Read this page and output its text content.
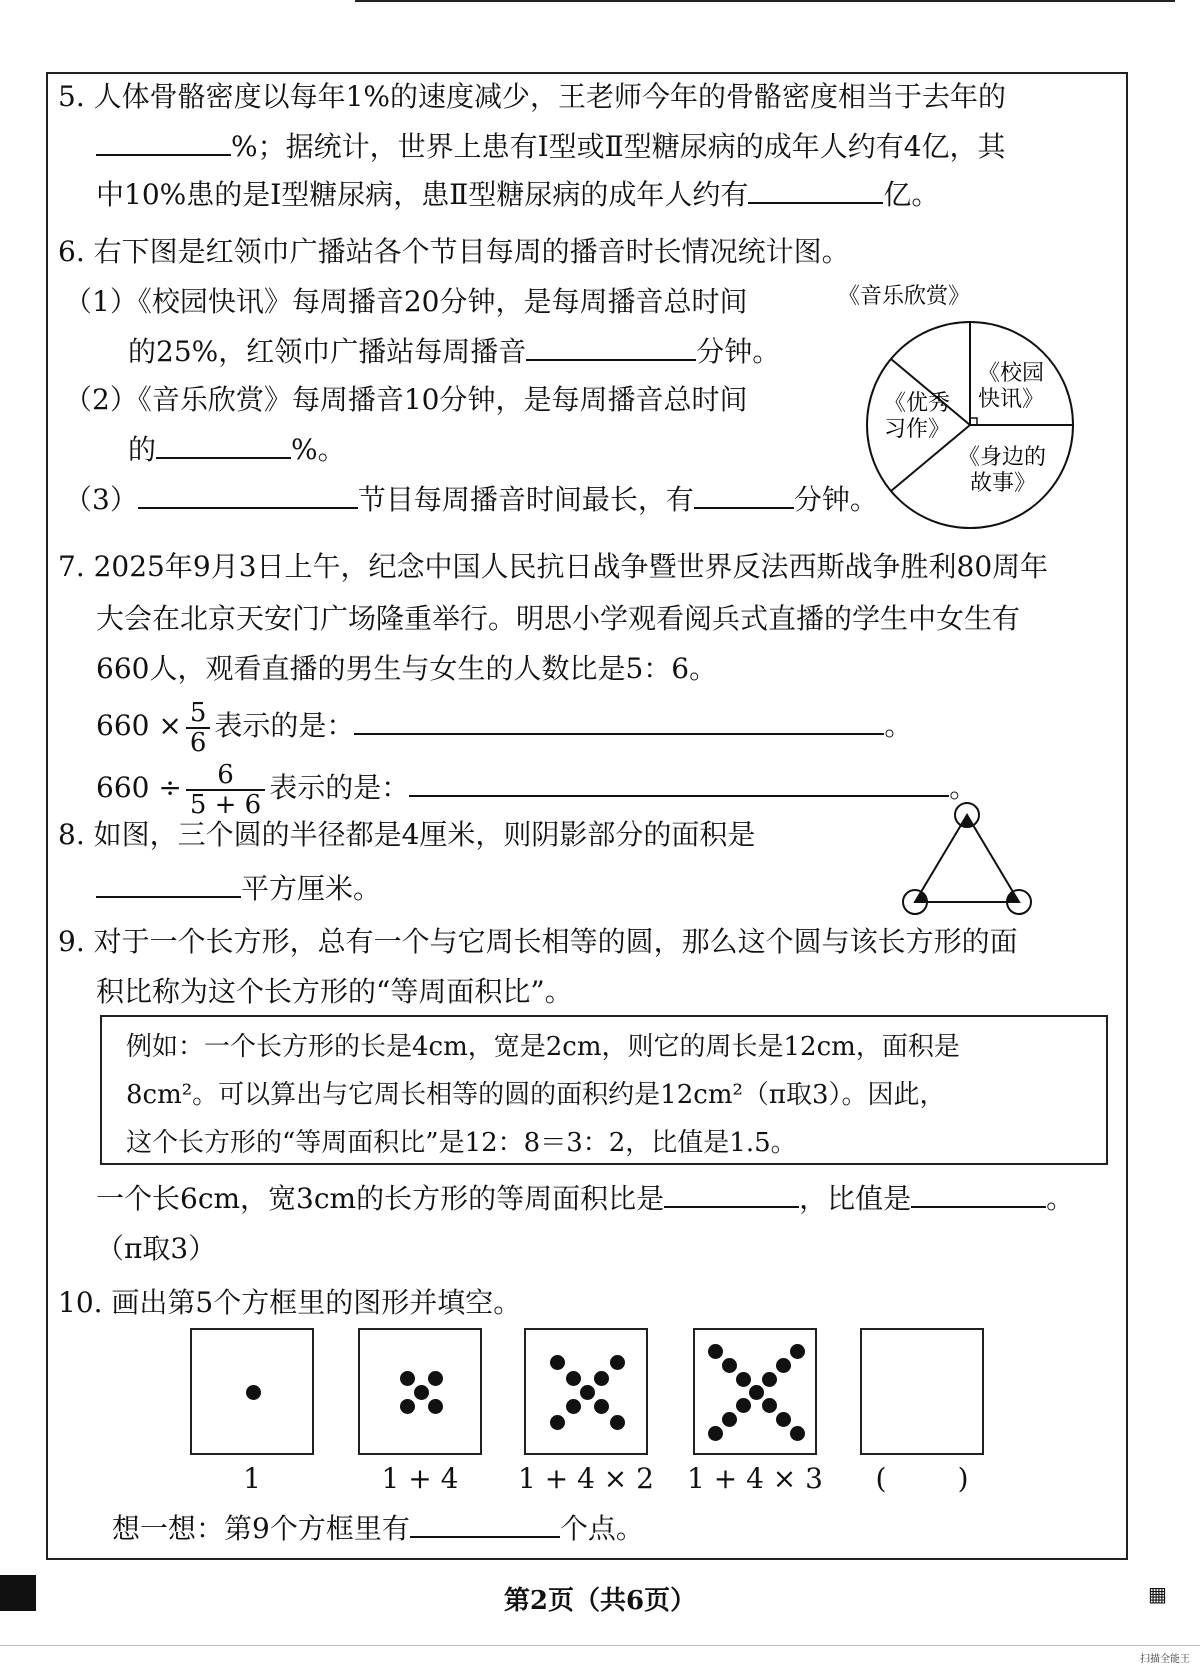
5. 人体骨骼密度以每年1%的速度减少，王老师今年的骨骼密度相当于去年的
%；据统计，世界上患有Ⅰ型或Ⅱ型糖尿病的成年人约有4亿，其
中10%患的是Ⅰ型糖尿病，患Ⅱ型糖尿病的成年人约有	亿。
6. 右下图是红领巾广播站各个节目每周的播音时长情况统计图。
（1）《校园快讯》每周播音20分钟，是每周播音总时间
的25%，红领巾广播站每周播音	分钟。
（2）《音乐欣赏》每周播音10分钟，是每周播音总时间
的	%。
（3）	节目每周播音时间最长，有	分钟。
《音乐欣赏》
《校园
快讯》
《优秀
习作》
《身边的
故事》
7. 2025年9月3日上午，纪念中国人民抗日战争暨世界反法西斯战争胜利80周年
大会在北京天安门广场隆重举行。明思小学观看阅兵式直播的学生中女生有
660人，观看直播的男生与女生的人数比是5：6。
$660 \times \frac{5}{6}$ 表示的是：	。
$660 \div \frac{6}{5 + 6}$ 表示的是：	。
8. 如图，三个圆的半径都是4厘米，则阴影部分的面积是
平方厘米。
9. 对于一个长方形，总有一个与它周长相等的圆，那么这个圆与该长方形的面
积比称为这个长方形的“等周面积比”。
例如：一个长方形的长是4cm，宽是2cm，则它的周长是12cm，面积是
8cm²。可以算出与它周长相等的圆的面积约是12cm²（π取3）。因此，
这个长方形的“等周面积比”是12：8＝3：2，比值是1.5。
一个长6cm，宽3cm的长方形的等周面积比是	，比值是	。
（π取3）
10. 画出第5个方框里的图形并填空。
1	1 + 4	1 + 4 × 2 1 + 4 × 3	(        )
想一想：第9个方框里有	个点。
第2页（共6页）	▦
扫描全能王
